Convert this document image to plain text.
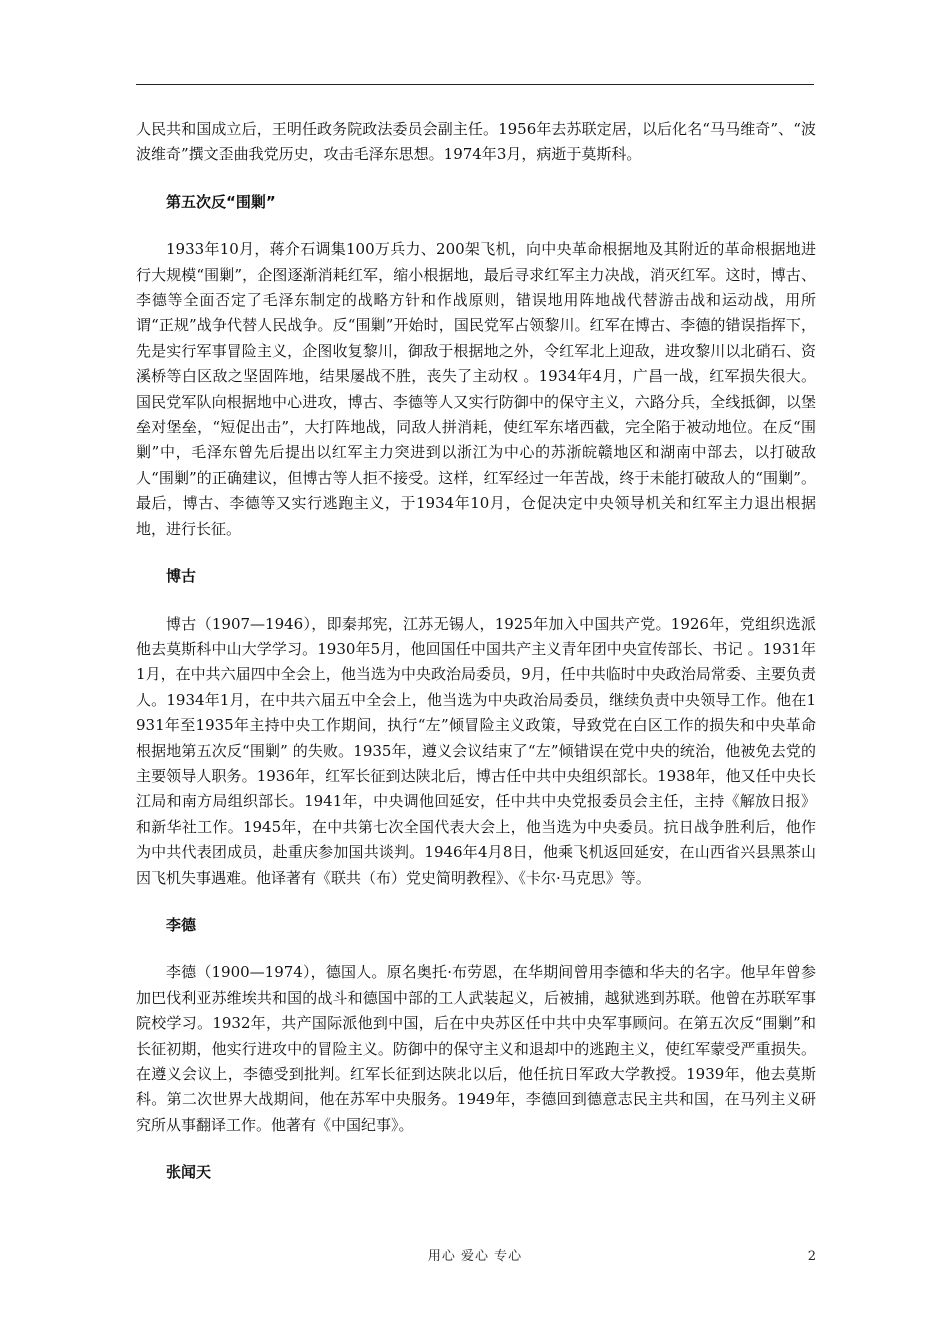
人民共和国成立后，王明任政务院政法委员会副主任。1956年去苏联定居，以后化名“马马维奇”、“波波维奇”撰文歪曲我党历史，攻击毛泽东思想。1974年3月，病逝于莫斯科。

第五次反“围剿”

1933年10月，蒋介石调集100万兵力、200架飞机，向中央革命根据地及其附近的革命根据地进行大规模“围剿”，企图逐渐消耗红军，缩小根据地，最后寻求红军主力决战，消灭红军。这时，博古、李德等全面否定了毛泽东制定的战略方针和作战原则，错误地用阵地战代替游击战和运动战，用所谓“正规”战争代替人民战争。反“围剿”开始时，国民党军占领黎川。红军在博古、李德的错误指挥下，先是实行军事冒险主义，企图收复黎川，御敌于根据地之外，令红军北上迎敌，进攻黎川以北硝石、资溪桥等白区敌之坚固阵地，结果屡战不胜，丧失了主动权 。1934年4月，广昌一战，红军损失很大。国民党军队向根据地中心进攻，博古、李德等人又实行防御中的保守主义，六路分兵，全线抵御，以堡垒对堡垒，“短促出击”，大打阵地战，同敌人拼消耗，使红军东堵西截，完全陷于被动地位。在反“围剿”中，毛泽东曾先后提出以红军主力突进到以浙江为中心的苏浙皖赣地区和湖南中部去，以打破敌人“围剿”的正确建议，但博古等人拒不接受。这样，红军经过一年苦战，终于未能打破敌人的“围剿”。最后，博古、李德等又实行逃跑主义，于1934年10月，仓促决定中央领导机关和红军主力退出根据地，进行长征。

博古

博古（1907—1946），即秦邦宪，江苏无锡人，1925年加入中国共产党。1926年，党组织选派他去莫斯科中山大学学习。1930年5月，他回国任中国共产主义青年团中央宣传部长、书记 。1931年1月，在中共六届四中全会上，他当选为中央政治局委员，9月，任中共临时中央政治局常委、主要负责人。1934年1月，在中共六届五中全会上，他当选为中央政治局委员，继续负责中央领导工作。他在1931年至1935年主持中央工作期间，执行“左”倾冒险主义政策，导致党在白区工作的损失和中央革命根据地第五次反“围剿” 的失败。1935年，遵义会议结束了“左”倾错误在党中央的统治，他被免去党的主要领导人职务。1936年，红军长征到达陕北后，博古任中共中央组织部长。1938年，他又任中央长江局和南方局组织部长。1941年，中央调他回延安，任中共中央党报委员会主任，主持《解放日报》和新华社工作。1945年，在中共第七次全国代表大会上，他当选为中央委员。抗日战争胜利后，他作为中共代表团成员，赴重庆参加国共谈判。1946年4月8日，他乘飞机返回延安，在山西省兴县黑茶山因飞机失事遇难。他译著有《联共（布）党史简明教程》、《卡尔·马克思》等。

李德

李德（1900—1974），德国人。原名奥托·布劳恩，在华期间曾用李德和华夫的名字。他早年曾参加巴伐利亚苏维埃共和国的战斗和德国中部的工人武装起义，后被捕，越狱逃到苏联。他曾在苏联军事院校学习。1932年，共产国际派他到中国，后在中央苏区任中共中央军事顾问。在第五次反“围剿”和长征初期，他实行进攻中的冒险主义。防御中的保守主义和退却中的逃跑主义，使红军蒙受严重损失。在遵义会议上，李德受到批判。红军长征到达陕北以后，他任抗日军政大学教授。1939年，他去莫斯科。第二次世界大战期间，他在苏军中央服务。1949年，李德回到德意志民主共和国，在马列主义研究所从事翻译工作。他著有《中国纪事》。

张闻天
用心 爱心 专心	2
